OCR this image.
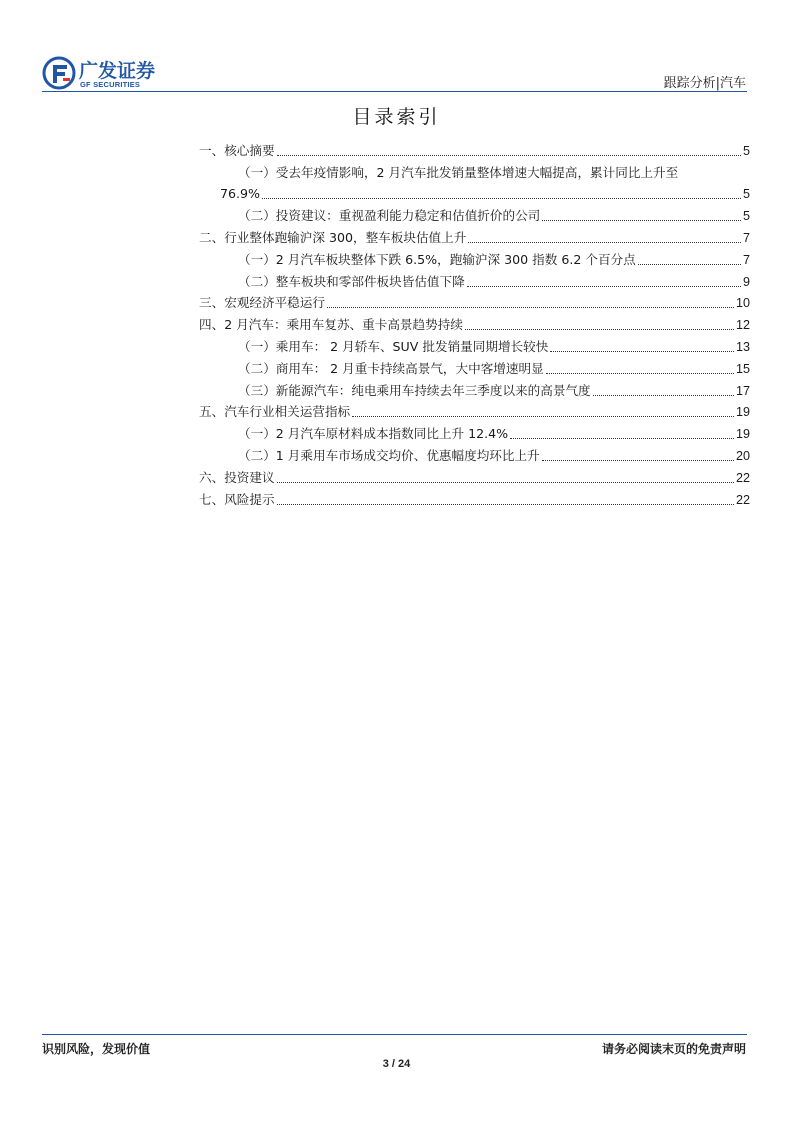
广发证券
GF SECURITIES	跟踪分析|汽车
目录索引
一、核心摘要	5
（一）受去年疫情影响，2 月汽车批发销量整体增速大幅提高，累计同比上升至
76.9%	5
（二）投资建议：重视盈利能力稳定和估值折价的公司	5
二、行业整体跑输沪深 300，整车板块估值上升	7
（一）2 月汽车板块整体下跌 6.5%，跑输沪深 300 指数 6.2 个百分点	7
（二）整车板块和零部件板块皆估值下降	9
三、宏观经济平稳运行	10
四、2 月汽车：乘用车复苏、重卡高景趋势持续	12
（一）乘用车： 2 月轿车、SUV 批发销量同期增长较快	13
（二）商用车： 2 月重卡持续高景气，大中客增速明显	15
（三）新能源汽车：纯电乘用车持续去年三季度以来的高景气度	17
五、汽车行业相关运营指标	19
（一）2 月汽车原材料成本指数同比上升 12.4%	19
（二）1 月乘用车市场成交均价、优惠幅度均环比上升	20
六、投资建议	22
七、风险提示	22
识别风险，发现价值	请务必阅读末页的免责声明
3 / 24
